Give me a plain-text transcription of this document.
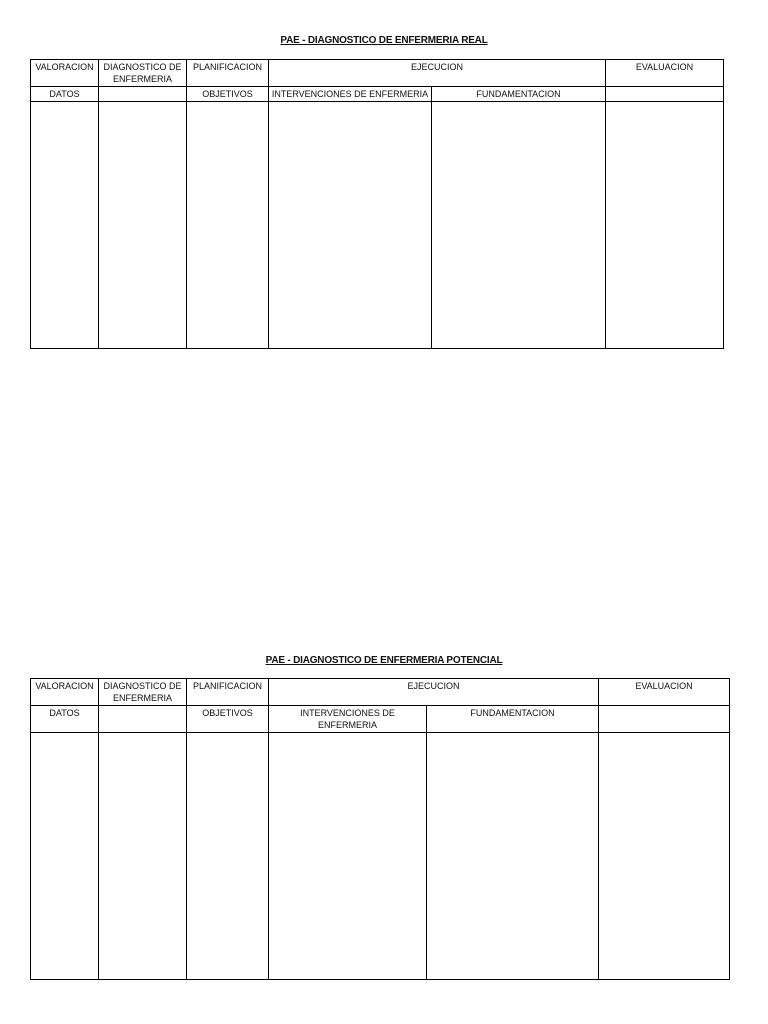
PAE - DIAGNOSTICO DE ENFERMERIA REAL
VALORACION	DIAGNOSTICO DE ENFERMERIA	PLANIFICACION	EJECUCION		EVALUACION
DATOS		OBJETIVOS	INTERVENCIONES DE ENFERMERIA	FUNDAMENTACION	

PAE - DIAGNOSTICO DE ENFERMERIA POTENCIAL
VALORACION	DIAGNOSTICO DE ENFERMERIA	PLANIFICACION	EJECUCION		EVALUACION
DATOS		OBJETIVOS	INTERVENCIONES DE ENFERMERIA	FUNDAMENTACION	
